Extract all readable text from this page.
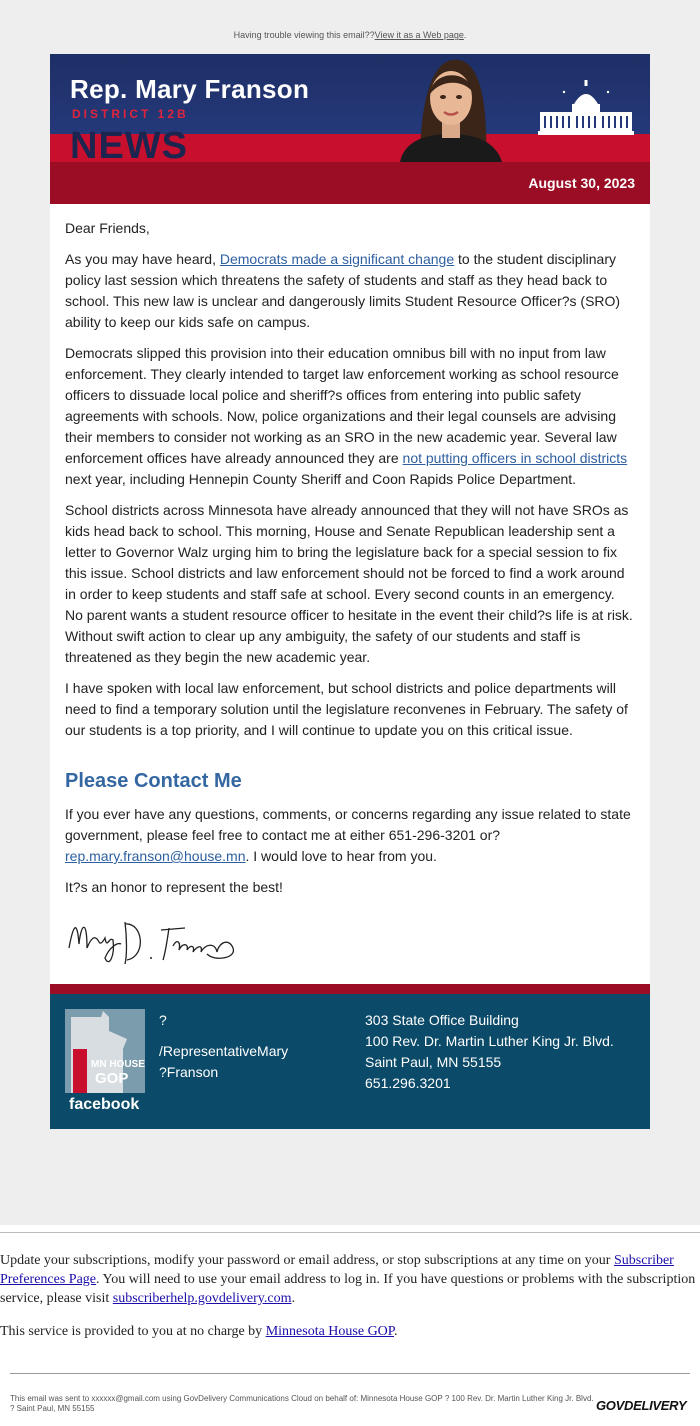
Having trouble viewing this email??View it as a Web page.
Rep. Mary Franson
DISTRICT 12B
NEWS
August 30, 2023

Dear Friends,

As you may have heard, Democrats made a significant change to the student disciplinary policy last session which threatens the safety of students and staff as they head back to school. This new law is unclear and dangerously limits Student Resource Officer?s (SRO) ability to keep our kids safe on campus.

Democrats slipped this provision into their education omnibus bill with no input from law enforcement. They clearly intended to target law enforcement working as school resource officers to dissuade local police and sheriff?s offices from entering into public safety agreements with schools. Now, police organizations and their legal counsels are advising their members to consider not working as an SRO in the new academic year. Several law enforcement offices have already announced they are not putting officers in school districts next year, including Hennepin County Sheriff and Coon Rapids Police Department.

School districts across Minnesota have already announced that they will not have SROs as kids head back to school. This morning, House and Senate Republican leadership sent a letter to Governor Walz urging him to bring the legislature back for a special session to fix this issue. School districts and law enforcement should not be forced to find a work around in order to keep students and staff safe at school. Every second counts in an emergency. No parent wants a student resource officer to hesitate in the event their child?s life is at risk. Without swift action to clear up any ambiguity, the safety of our students and staff is threatened as they begin the new academic year.

I have spoken with local law enforcement, but school districts and police departments will need to find a temporary solution until the legislature reconvenes in February. The safety of our students is a top priority, and I will continue to update you on this critical issue.

Please Contact Me

If you ever have any questions, comments, or concerns regarding any issue related to state government, please feel free to contact me at either 651-296-3201 or? rep.mary.franson@house.mn. I would love to hear from you.

It?s an honor to represent the best!

MN HOUSE
GOP
facebook
?
/RepresentativeMary
?Franson
303 State Office Building
100 Rev. Dr. Martin Luther King Jr. Blvd.
Saint Paul, MN 55155
651.296.3201

Update your subscriptions, modify your password or email address, or stop subscriptions at any time on your Subscriber Preferences Page. You will need to use your email address to log in. If you have questions or problems with the subscription service, please visit subscriberhelp.govdelivery.com.

This service is provided to you at no charge by Minnesota House GOP.

This email was sent to xxxxxx@gmail.com using GovDelivery Communications Cloud on behalf of: Minnesota House GOP ? 100 Rev. Dr. Martin Luther King Jr. Blvd. ? Saint Paul, MN 55155	GOVDELIVERY
